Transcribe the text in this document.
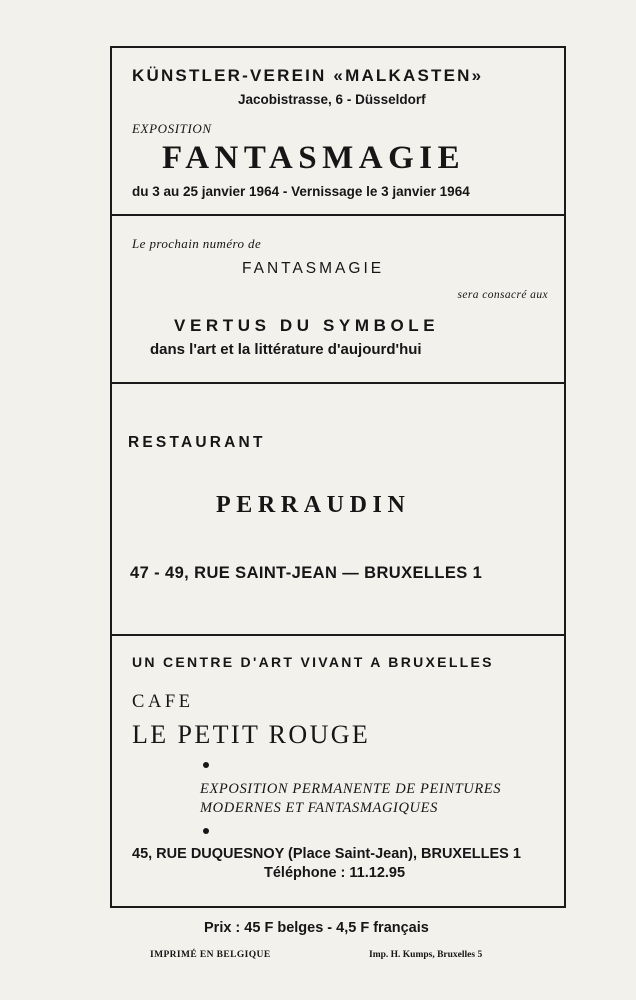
KÜNSTLER-VEREIN «MALKASTEN»
Jacobistrasse, 6 - Düsseldorf
EXPOSITION
FANTASMAGIE
du 3 au 25 janvier 1964 - Vernissage le 3 janvier 1964
Le prochain numéro de
FANTASMAGIE
sera consacré aux
VERTUS DU SYMBOLE
dans l'art et la littérature d'aujourd'hui
RESTAURANT
PERRAUDIN
47 - 49, RUE SAINT-JEAN — BRUXELLES 1
UN CENTRE D'ART VIVANT A BRUXELLES
CAFE
LE PETIT ROUGE
EXPOSITION PERMANENTE DE PEINTURES
MODERNES ET FANTASMAGIQUES
45, RUE DUQUESNOY (Place Saint-Jean), BRUXELLES 1
Téléphone : 11.12.95
Prix : 45 F belges - 4,5 F français
IMPRIMÉ EN BELGIQUE	Imp. H. Kumps, Bruxelles 5
